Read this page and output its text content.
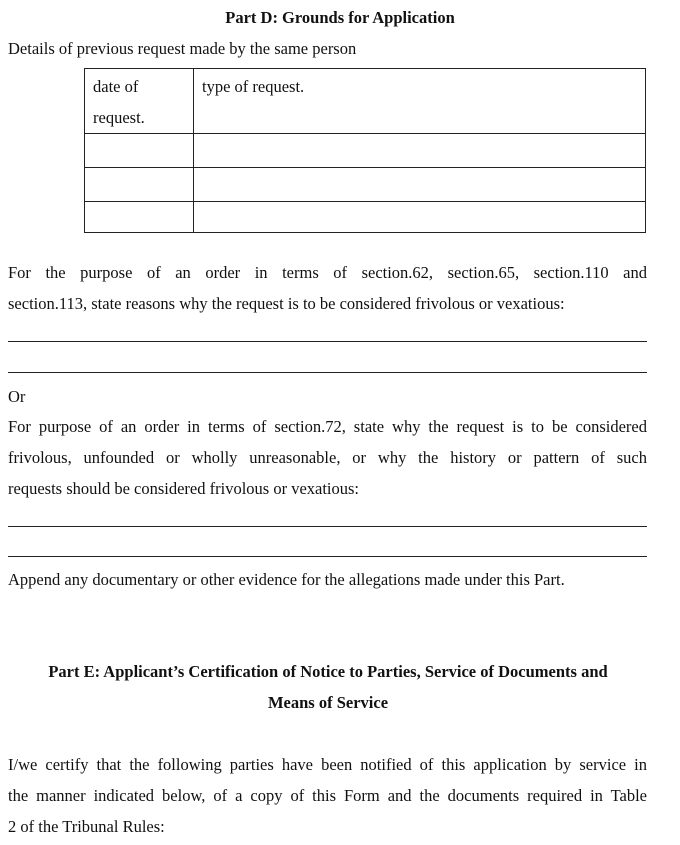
Part D: Grounds for Application
Details of previous request made by the same person
date of
request.	type of request.

For the purpose of an order in terms of section.62, section.65, section.110 and
section.113, state reasons why the request is to be considered frivolous or vexatious:
Or
For purpose of an order in terms of section.72, state why the request is to be considered
frivolous, unfounded or wholly unreasonable, or why the history or pattern of such
requests should be considered frivolous or vexatious:
Append any documentary or other evidence for the allegations made under this Part.
Part E: Applicant’s Certification of Notice to Parties, Service of Documents and
Means of Service
I/we certify that the following parties have been notified of this application by service in
the manner indicated below, of a copy of this Form and the documents required in Table
2 of the Tribunal Rules:
